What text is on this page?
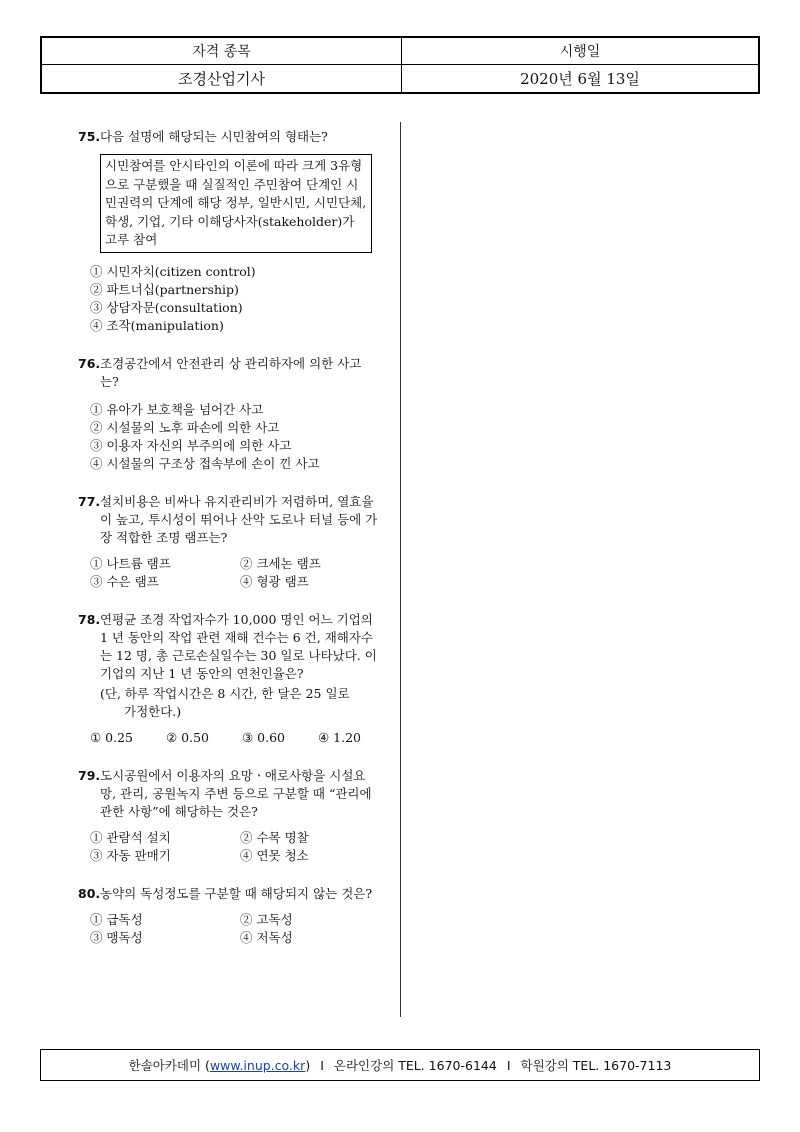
자격 종목	시행일
조경산업기사	2020년 6월 13일
75. 다음 설명에 해당되는 시민참여의 형태는?
시민참여를 안시타인의 이론에 따라 크게 3유형으로 구분했을 때 실질적인 주민참여 단계인 시민권력의 단계에 해당 정부, 일반시민, 시민단체, 학생, 기업, 기타 이해당사자(stakeholder)가 고루 참여
① 시민자치(citizen control)
② 파트너십(partnership)
③ 상담자문(consultation)
④ 조작(manipulation)
76. 조경공간에서 안전관리 상 관리하자에 의한 사고는?
① 유아가 보호책을 넘어간 사고
② 시설물의 노후 파손에 의한 사고
③ 이용자 자신의 부주의에 의한 사고
④ 시설물의 구조상 접속부에 손이 낀 사고
77. 설치비용은 비싸나 유지관리비가 저렴하며, 열효율이 높고, 투시성이 뛰어나 산악 도로나 터널 등에 가장 적합한 조명 램프는?
① 나트륨 램프	② 크세논 램프
③ 수은 램프	④ 형광 램프
78. 연평균 조경 작업자수가 10,000 명인 어느 기업의 1 년 동안의 작업 관련 재해 건수는 6 건, 재해자수는 12 명, 총 근로손실일수는 30 일로 나타났다. 이 기업의 지난 1 년 동안의 연천인율은?
(단, 하루 작업시간은 8 시간, 한 달은 25 일로
가정한다.)
① 0.25	② 0.50	③ 0.60	④ 1.20
79. 도시공원에서 이용자의 요망ㆍ애로사항을 시설요망, 관리, 공원녹지 주변 등으로 구분할 때 “관리에 관한 사항”에 해당하는 것은?
① 관람석 설치	② 수목 명찰
③ 자동 판매기	④ 연못 청소
80. 농약의 독성정도를 구분할 때 해당되지 않는 것은?
① 급독성	② 고독성
③ 맹독성	④ 저독성
한솔아카데미 ( www.inup.co.kr ) I 온라인강의 TEL. 1670-6144 I 학원강의 TEL. 1670-7113
